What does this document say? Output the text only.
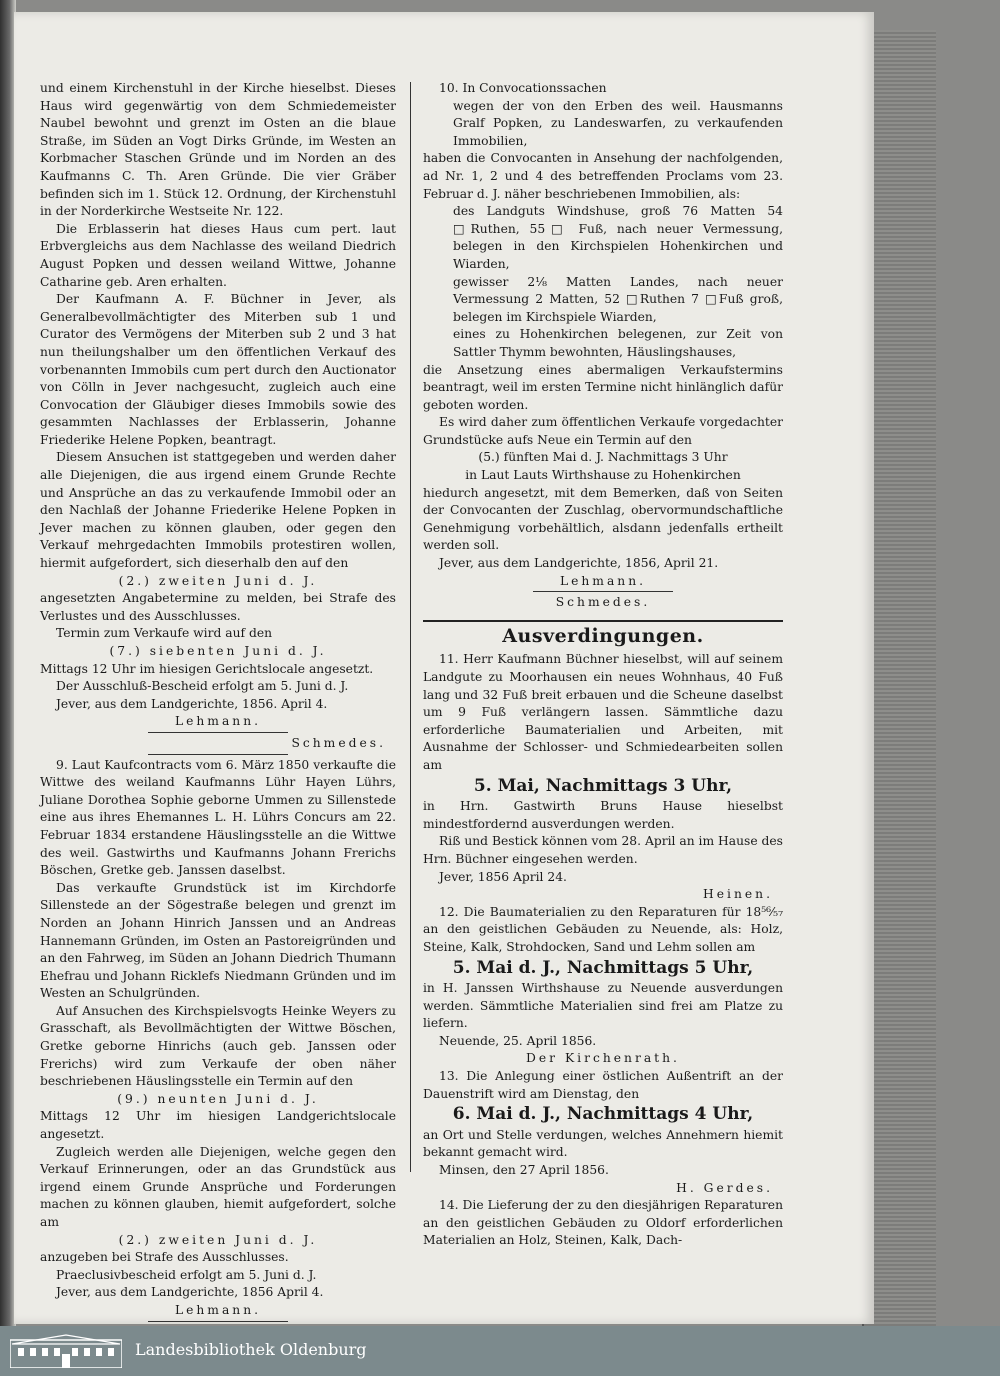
und einem Kirchenstuhl in der Kirche hieselbst. Dieses Haus wird gegenwärtig von dem Schmiedemeister Naubel bewohnt und grenzt im Osten an die blaue Straße, im Süden an Vogt Dirks Gründe, im Westen an Korbmacher Staschen Gründe und im Norden an des Kaufmanns C. Th. Aren Gründe. Die vier Gräber befinden sich im 1. Stück 12. Ordnung, der Kirchenstuhl in der Norderkirche Westseite Nr. 122.

Die Erblasserin hat dieses Haus cum pert. laut Erbvergleichs aus dem Nachlasse des weiland Diedrich August Popken und dessen weiland Wittwe, Johanne Catharine geb. Aren erhalten.

Der Kaufmann A. F. Büchner in Jever, als Generalbevollmächtigter des Miterben sub 1 und Curator des Vermögens der Miterben sub 2 und 3 hat nun theilungshalber um den öffentlichen Verkauf des vorbenannten Immobils cum pert durch den Auctionator von Cölln in Jever nachgesucht, zugleich auch eine Convocation der Gläubiger dieses Immobils sowie des gesammten Nachlasses der Erblasserin, Johanne Friederike Helene Popken, beantragt.

Diesem Ansuchen ist stattgegeben und werden daher alle Diejenigen, die aus irgend einem Grunde Rechte und Ansprüche an das zu verkaufende Immobil oder an den Nachlaß der Johanne Friederike Helene Popken in Jever machen zu können glauben, oder gegen den Verkauf mehrgedachten Immobils protestiren wollen, hiermit aufgefordert, sich dieserhalb den auf den

(2.) zweiten Juni d. J.

angesetzten Angabetermine zu melden, bei Strafe des Verlustes und des Ausschlusses.

Termin zum Verkaufe wird auf den

(7.) siebenten Juni d. J.

Mittags 12 Uhr im hiesigen Gerichtslocale angesetzt.

Der Ausschluß-Bescheid erfolgt am 5. Juni d. J.

Jever, aus dem Landgerichte, 1856. April 4.

Lehmann.

Schmedes.

9. Laut Kaufcontracts vom 6. März 1850 verkaufte die Wittwe des weiland Kaufmanns Lühr Hayen Lührs, Juliane Dorothea Sophie geborne Ummen zu Sillenstede eine aus ihres Ehemannes L. H. Lührs Concurs am 22. Februar 1834 erstandene Häuslingsstelle an die Wittwe des weil. Gastwirths und Kaufmanns Johann Frerichs Böschen, Gretke geb. Janssen daselbst.

Das verkaufte Grundstück ist im Kirchdorfe Sillenstede an der Sögestraße belegen und grenzt im Norden an Johann Hinrich Janssen und an Andreas Hannemann Gründen, im Osten an Pastoreigründen und an den Fahrweg, im Süden an Johann Diedrich Thumann Ehefrau und Johann Ricklefs Niedmann Gründen und im Westen an Schulgründen.

Auf Ansuchen des Kirchspielsvogts Heinke Weyers zu Grasschaft, als Bevollmächtigten der Wittwe Böschen, Gretke geborne Hinrichs (auch geb. Janssen oder Frerichs) wird zum Verkaufe der oben näher beschriebenen Häuslingsstelle ein Termin auf den

(9.) neunten Juni d. J.

Mittags 12 Uhr im hiesigen Landgerichtslocale angesetzt.

Zugleich werden alle Diejenigen, welche gegen den Verkauf Erinnerungen, oder an das Grundstück aus irgend einem Grunde Ansprüche und Forderungen machen zu können glauben, hiemit aufgefordert, solche am

(2.) zweiten Juni d. J.

anzugeben bei Strafe des Ausschlusses.

Praeclusivbescheid erfolgt am 5. Juni d. J.

Jever, aus dem Landgerichte, 1856 April 4.

Lehmann.

10. In Convocationssachen

wegen der von den Erben des weil. Hausmanns Gralf Popken, zu Landeswarfen, zu verkaufenden Immobilien,

haben die Convocanten in Ansehung der nachfolgenden, ad Nr. 1, 2 und 4 des betreffenden Proclams vom 23. Februar d. J. näher beschriebenen Immobilien, als:

des Landguts Windshuse, groß 76 Matten 54 □Ruthen, 55□ Fuß, nach neuer Vermessung, belegen in den Kirchspielen Hohenkirchen und Wiarden,

gewisser 2⅛ Matten Landes, nach neuer Vermessung 2 Matten, 52 □Ruthen 7 □Fuß groß, belegen im Kirchspiele Wiarden,

eines zu Hohenkirchen belegenen, zur Zeit von Sattler Thymm bewohnten, Häuslingshauses,

die Ansetzung eines abermaligen Verkaufstermins beantragt, weil im ersten Termine nicht hinlänglich dafür geboten worden.

Es wird daher zum öffentlichen Verkaufe vorgedachter Grundstücke aufs Neue ein Termin auf den

(5.) fünften Mai d. J. Nachmittags 3 Uhr

in Laut Lauts Wirthshause zu Hohenkirchen

hiedurch angesetzt, mit dem Bemerken, daß von Seiten der Convocanten der Zuschlag, obervormundschaftliche Genehmigung vorbehältlich, alsdann jedenfalls ertheilt werden soll.

Jever, aus dem Landgerichte, 1856, April 21.

Lehmann.

Schmedes.

Ausverdingungen.

11. Herr Kaufmann Büchner hieselbst, will auf seinem Landgute zu Moorhausen ein neues Wohnhaus, 40 Fuß lang und 32 Fuß breit erbauen und die Scheune daselbst um 9 Fuß verlängern lassen. Sämmtliche dazu erforderliche Baumaterialien und Arbeiten, mit Ausnahme der Schlosser- und Schmiedearbeiten sollen am

5. Mai, Nachmittags 3 Uhr,

in Hrn. Gastwirth Bruns Hause hieselbst mindestfordernd ausverdungen werden.

Riß und Bestick können vom 28. April an im Hause des Hrn. Büchner eingesehen werden.

Jever, 1856 April 24.

Heinen.

12. Die Baumaterialien zu den Reparaturen für 18⁵⁶⁄₅₇ an den geistlichen Gebäuden zu Neuende, als: Holz, Steine, Kalk, Strohdocken, Sand und Lehm sollen am

5. Mai d. J., Nachmittags 5 Uhr,

in H. Janssen Wirthshause zu Neuende ausverdungen werden. Sämmtliche Materialien sind frei am Platze zu liefern.

Neuende, 25. April 1856.

Der Kirchenrath.

13. Die Anlegung einer östlichen Außentrift an der Dauenstrift wird am Dienstag, den

6. Mai d. J., Nachmittags 4 Uhr,

an Ort und Stelle verdungen, welches Annehmern hiemit bekannt gemacht wird.

Minsen, den 27 April 1856.

H. Gerdes.

14. Die Lieferung der zu den diesjährigen Reparaturen an den geistlichen Gebäuden zu Oldorf erforderlichen Materialien an Holz, Steinen, Kalk, Dach-

Landesbibliothek Oldenburg
